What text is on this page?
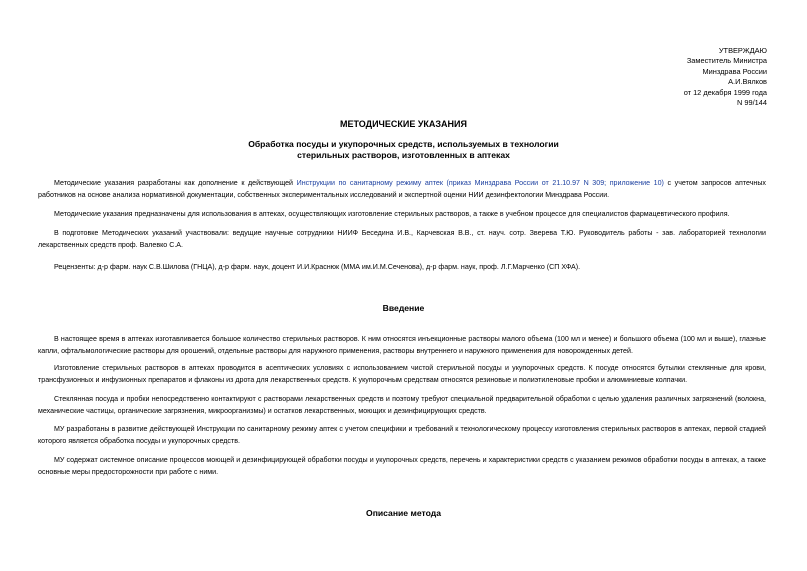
УТВЕРЖДАЮ
Заместитель Министра
Минздрава России
А.И.Вялков
от 12 декабря 1999 года
N 99/144
МЕТОДИЧЕСКИЕ УКАЗАНИЯ
Обработка посуды и укупорочных средств, используемых в технологии
стерильных растворов, изготовленных в аптеках
Методические указания разработаны как дополнение к действующей Инструкции по санитарному режиму аптек (приказ Минздрава России от 21.10.97 N 309; приложение 10) с учетом запросов аптечных работников на основе анализа нормативной документации, собственных экспериментальных исследований и экспертной оценки НИИ дезинфектологии Минздрава России.
Методические указания предназначены для использования в аптеках, осуществляющих изготовление стерильных растворов, а также в учебном процессе для специалистов фармацевтического профиля.
В подготовке Методических указаний участвовали: ведущие научные сотрудники НИИФ Беседина И.В., Карчевская В.В., ст. науч. сотр. Зверева Т.Ю. Руководитель работы - зав. лабораторией технологии лекарственных средств проф. Валевко С.А.
Рецензенты: д-р фарм. наук С.В.Шилова (ГНЦА), д-р фарм. наук, доцент И.И.Краснюк (ММА им.И.М.Сеченова), д-р фарм. наук, проф. Л.Г.Марченко (СП ХФА).
Введение
В настоящее время в аптеках изготавливается большое количество стерильных растворов. К ним относятся инъекционные растворы малого объема (100 мл и менее) и большого объема (100 мл и выше), глазные капли, офтальмологические растворы для орошений, отдельные растворы для наружного применения, растворы внутреннего и наружного применения для новорожденных детей.
Изготовление стерильных растворов в аптеках проводится в асептических условиях с использованием чистой стерильной посуды и укупорочных средств. К посуде относятся бутылки стеклянные для крови, трансфузионных и инфузионных препаратов и флаконы из дрота для лекарственных средств. К укупорочным средствам относятся резиновые и полиэтиленовые пробки и алюминиевые колпачки.
Стеклянная посуда и пробки непосредственно контактируют с растворами лекарственных средств и поэтому требуют специальной предварительной обработки с целью удаления различных загрязнений (волокна, механические частицы, органические загрязнения, микроорганизмы) и остатков лекарственных, моющих и дезинфицирующих средств.
МУ разработаны в развитие действующей Инструкции по санитарному режиму аптек с учетом специфики и требований к технологическому процессу изготовления стерильных растворов в аптеках, первой стадией которого является обработка посуды и укупорочных средств.
МУ содержат системное описание процессов моющей и дезинфицирующей обработки посуды и укупорочных средств, перечень и характеристики средств с указанием режимов обработки посуды в аптеках, а также основные меры предосторожности при работе с ними.
Описание метода
